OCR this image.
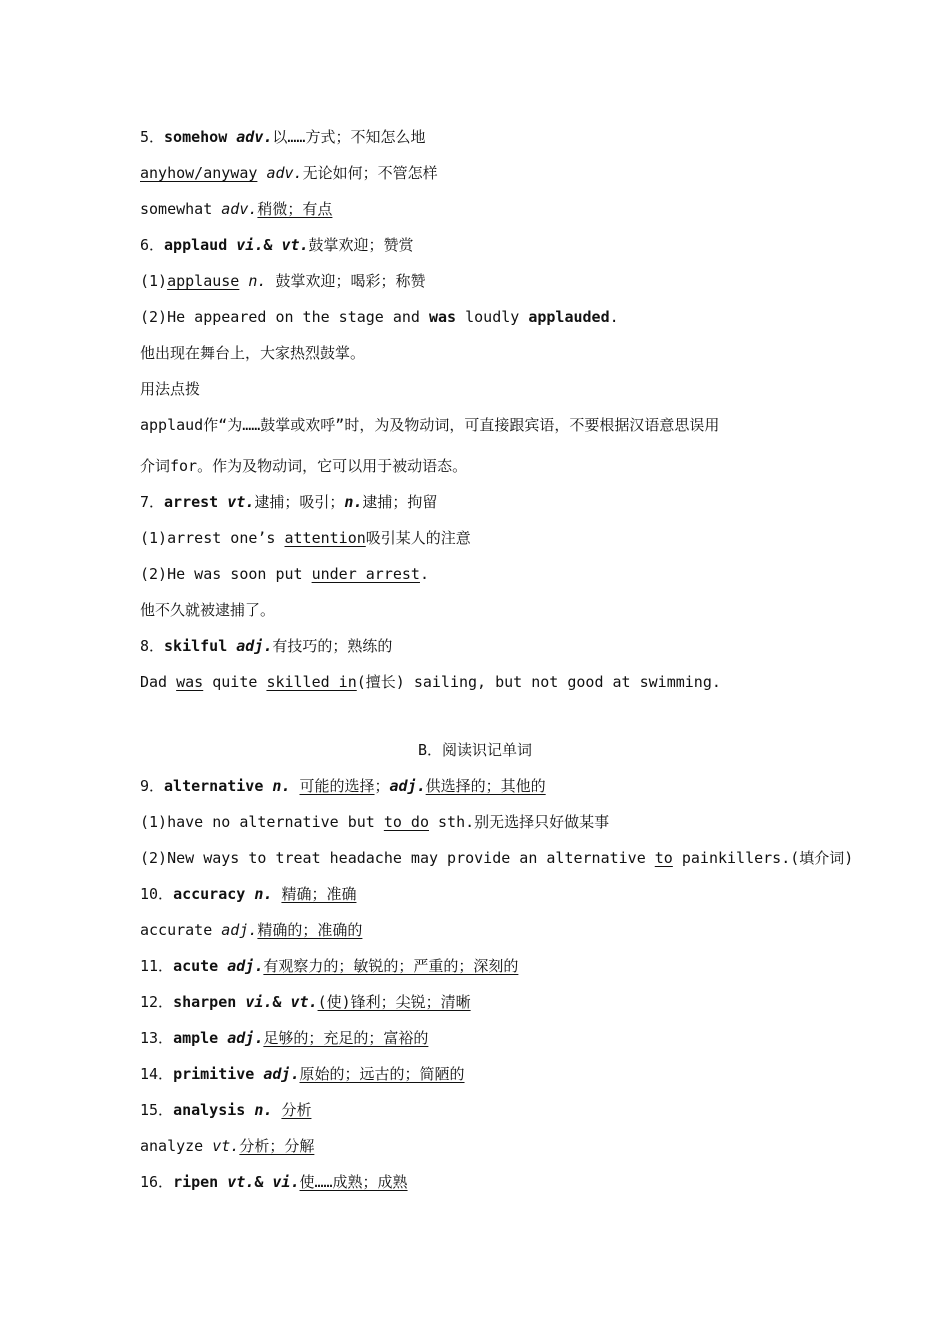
5．somehow adv.以……方式；不知怎么地
anyhow/anyway adv.无论如何；不管怎样
somewhat adv.稍微；有点
6．applaud vi.& vt.鼓掌欢迎；赞赏
(1)applause n. 鼓掌欢迎；喝彩；称赞
(2)He appeared on the stage and was loudly applauded.
他出现在舞台上，大家热烈鼓掌。
用法点拨
applaud作“为……鼓掌或欢呼”时，为及物动词，可直接跟宾语，不要根据汉语意思误用
介词for。作为及物动词，它可以用于被动语态。
7．arrest vt.逮捕；吸引；n.逮捕；拘留
(1)arrest one’s attention吸引某人的注意
(2)He was soon put under arrest.
他不久就被逮捕了。
8．skilful adj.有技巧的；熟练的
Dad was quite skilled in(擅长) sailing, but not good at swimming.
B．阅读识记单词
9．alternative n. 可能的选择；adj.供选择的；其他的
(1)have no alternative but to do sth.别无选择只好做某事
(2)New ways to treat headache may provide an alternative to painkillers.(填介词)
10．accuracy n. 精确；准确
accurate adj.精确的；准确的
11．acute adj.有观察力的；敏锐的；严重的；深刻的
12．sharpen vi.& vt.(使)锋利；尖锐；清晰
13．ample adj.足够的；充足的；富裕的
14．primitive adj.原始的；远古的；简陋的
15．analysis n. 分析
analyze vt.分析；分解
16．ripen vt.& vi.使……成熟；成熟
